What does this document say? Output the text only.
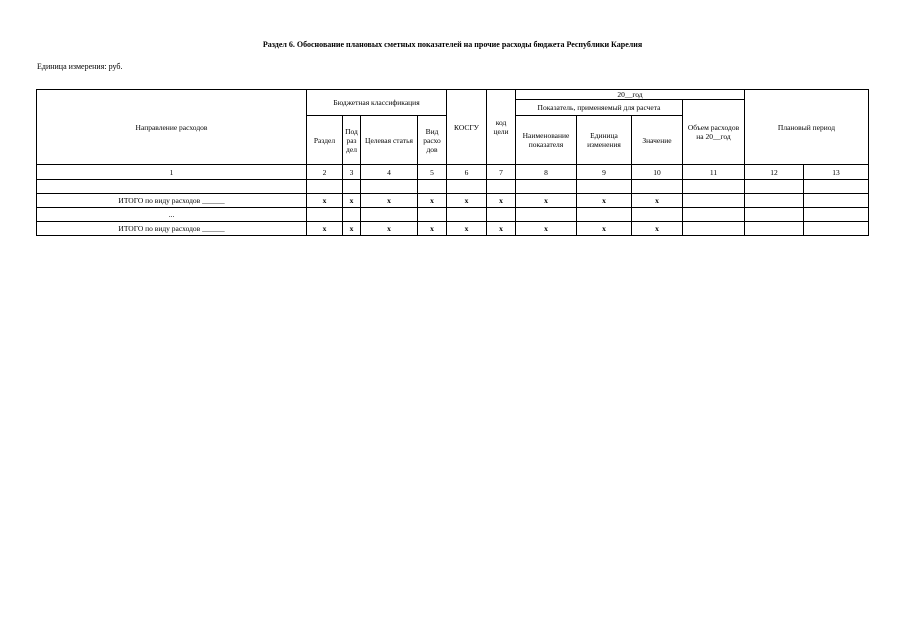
Раздел 6. Обоснование плановых сметных показателей на прочие расходы бюджета Республики Карелия
Единица измерения: руб.
Направление расходов	Бюджетная классификация				КОСГУ	код цели	20__год				Плановый период	
							Показатель, применяемый для расчета			Объем расходов на 20__год		
	Раздел	Под раз дел	Целевая статья	Вид расхо дов			Наименование показателя	Единица изменения	Значение			
1	2	3	4	5	6	7	8	9	10	11	12	13

ИТОГО по виду расходов ______	x	x	x	x	x	x	x	x	x			
...												
ИТОГО по виду расходов ______	x	x	x	x	x	x	x	x	x			
